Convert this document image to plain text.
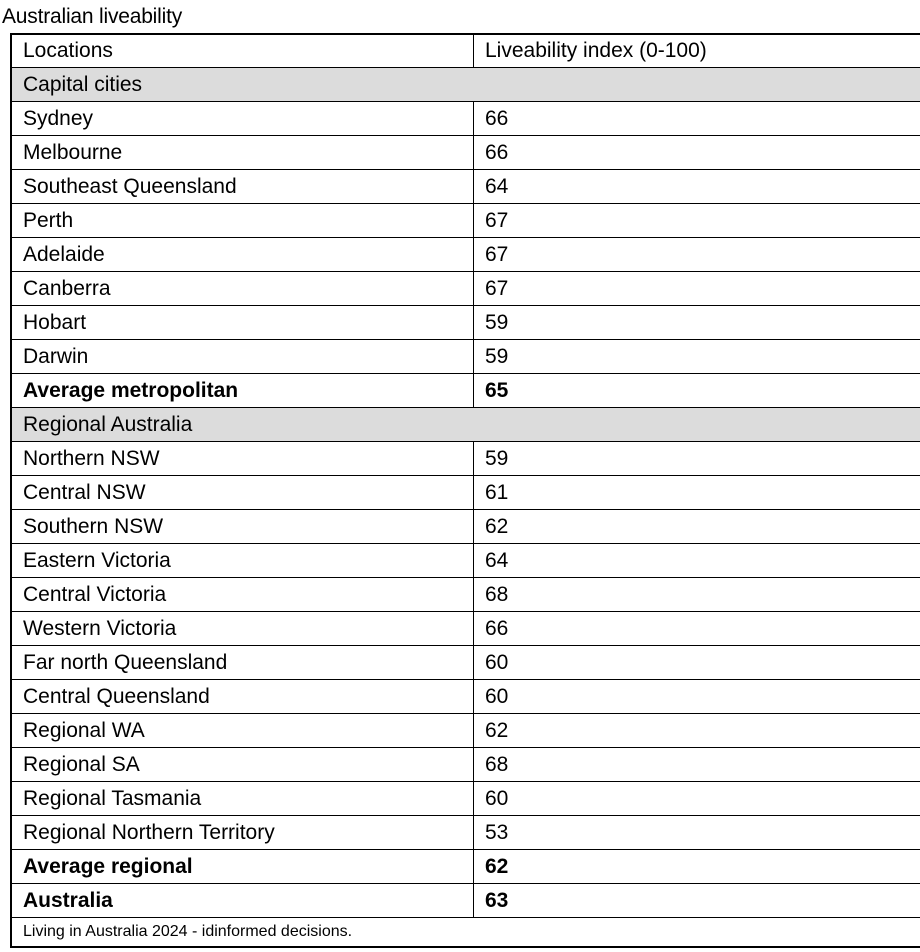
Australian liveability
Locations	Liveability index (0-100)
Capital cities	
Sydney	66
Melbourne	66
Southeast Queensland	64
Perth	67
Adelaide	67
Canberra	67
Hobart	59
Darwin	59
Average metropolitan	65
Regional Australia	
Northern NSW	59
Central NSW	61
Southern NSW	62
Eastern Victoria	64
Central Victoria	68
Western Victoria	66
Far north Queensland	60
Central Queensland	60
Regional WA	62
Regional SA	68
Regional Tasmania	60
Regional Northern Territory	53
Average regional	62
Australia	63
Living in Australia 2024 - idinformed decisions.	
